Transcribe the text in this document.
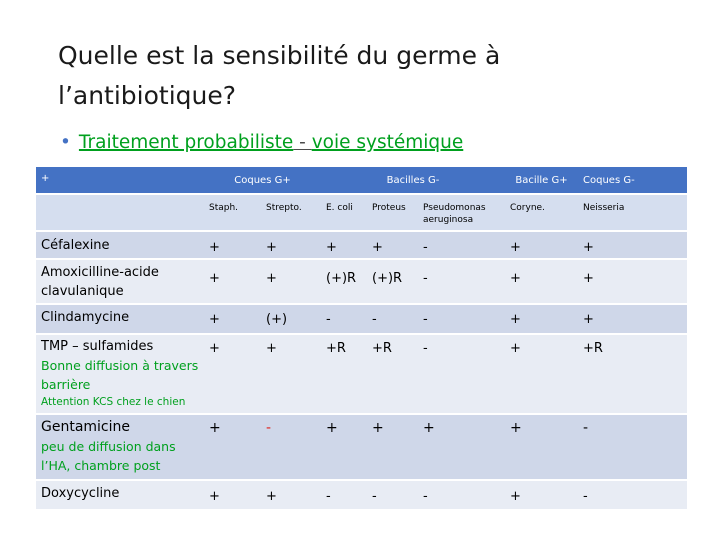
Quelle est la sensibilité du germe à l’antibiotique?
• Traitement probabiliste - voie systémique
+	Coques G+		Bacilles G-			Bacille G+	Coques G-
	Staph.	Strepto.	E. coli	Proteus	Pseudomonas aeruginosa	Coryne.	Neisseria
Céfalexine	+	+	+	+	-	+	+
Amoxicilline-acide clavulanique	+	+	(+)R	(+)R	-	+	+
Clindamycine	+	(+)	-	-	-	+	+

TMP – sulfamides
Bonne diffusion à travers barrière
Attention KCS chez le chien	+	+	+R	+R	-	+	+R

Gentamicine
peu de diffusion dans l’HA, chambre post	+	-	+	+	+	+	-
Doxycycline	+	+	-	-	-	+	-
